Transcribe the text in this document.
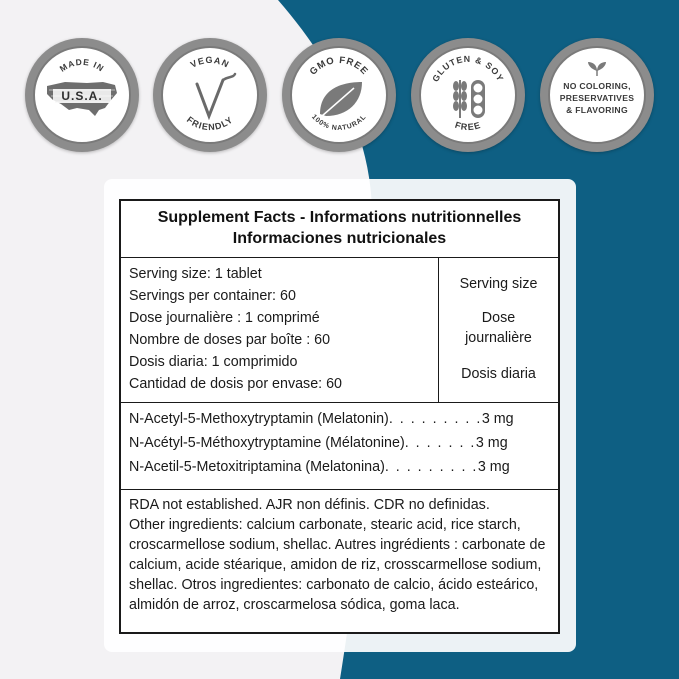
MADE IN
U.S.A.
VEGAN
FRIENDLY
GMO FREE
100% NATURAL
GLUTEN & SOY
FREE
NO COLORING,
PRESERVATIVES
& FLAVORING
Supplement Facts - Informations nutritionnelles
Informaciones nutricionales
Serving size: 1 tablet
Servings per container: 60
Dose journalière : 1 comprimé
Nombre de doses par boîte : 60
Dosis diaria: 1 comprimido
Cantidad de dosis por envase: 60
Serving size
Dose
journalière
Dosis diaria
N-Acetyl-5-Methoxytryptamin (Melatonin) . . . . . . . . . 3 mg
N-Acétyl-5-Méthoxytryptamine (Mélatonine) . . . . . . . 3 mg
N-Acetil-5-Metoxitriptamina (Melatonina) . . . . . . . . . 3 mg
RDA not established. AJR non définis. CDR no definidas.
Other ingredients: calcium carbonate, stearic acid, rice starch,
croscarmellose sodium, shellac. Autres ingrédients : carbonate de
calcium, acide stéarique, amidon de riz, crosscarmellose sodium,
shellac. Otros ingredientes: carbonato de calcio, ácido esteárico,
almidón de arroz, croscarmelosa sódica, goma laca.
